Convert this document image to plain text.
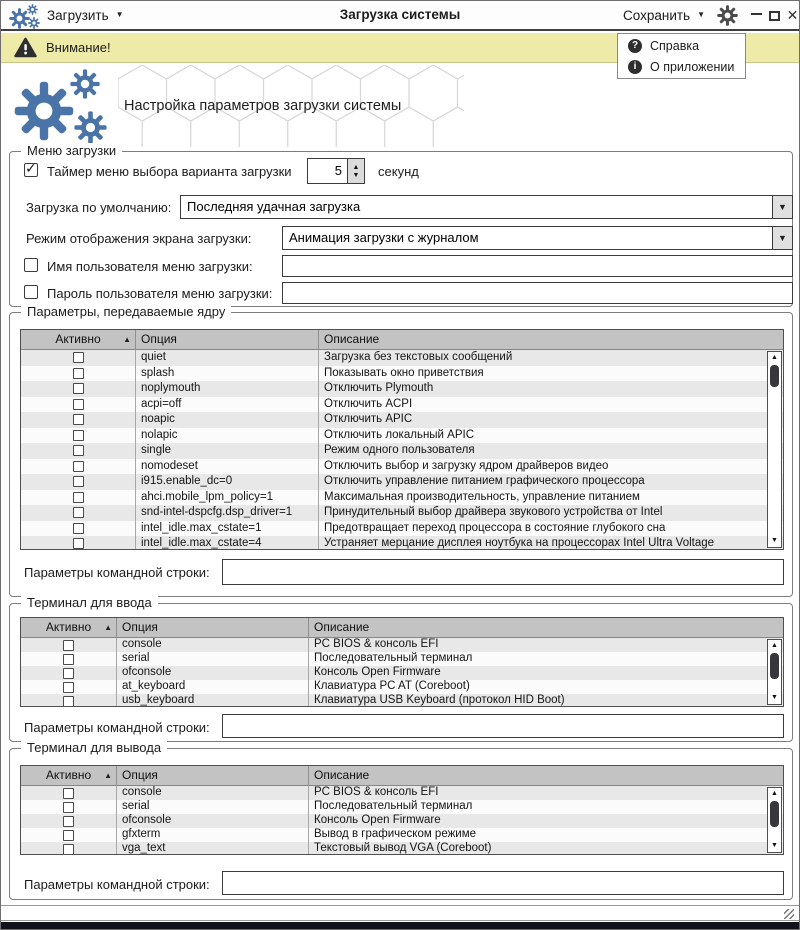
Загрузить ▼	Загрузка системы	Сохранить ▼	✕
Внимание!	? Справка
i	О приложении
Настройка параметров загрузки системы
Меню загрузки
✓ Таймер меню выбора варианта загрузки	5	▲
▼ секунд
Загрузка по умолчанию:	Последняя удачная загрузка	▼
Режим отображения экрана загрузки:	Анимация загрузки с журналом	▼
Имя пользователя меню загрузки:
Пароль пользователя меню загрузки:
Параметры, передаваемые ядру
Активно	▲ Опция	Описание
quiet	Загрузка без текстовых сообщений
splash	Показывать окно приветствия
noplymouth	Отключить Plymouth
acpi=off	Отключить ACPI
noapic	Отключить APIC
nolapic	Отключить локальный APIC
single	Режим одного пользователя
nomodeset	Отключить выбор и загрузку ядром драйверов видео
i915.enable_dc=0	Отключить управление питанием графического процессора
ahci.mobile_lpm_policy=1	Максимальная производительность, управление питанием
snd-intel-dspcfg.dsp_driver=1	Принудительный выбор драйвера звукового устройства от Intel
intel_idle.max_cstate=1	Предотвращает переход процессора в состояние глубокого сна
intel_idle.max_cstate=4	Устраняет мерцание дисплея ноутбука на процессорах Intel Ultra Voltage
▲
▼
Параметры командной строки:
Терминал для ввода
Активно ▲ Опция	Описание
console	PC BIOS & консоль EFI
serial	Последовательный терминал
ofconsole	Консоль Open Firmware
at_keyboard	Клавиатура PC AT (Coreboot)
usb_keyboard	Клавиатура USB Keyboard (протокол HID Boot)
▲
▼
Параметры командной строки:
Терминал для вывода
Активно ▲ Опция	Описание
console	PC BIOS & консоль EFI
serial	Последовательный терминал
ofconsole	Консоль Open Firmware
gfxterm	Вывод в графическом режиме
vga_text	Текстовый вывод VGA (Coreboot)
▲
▼
Параметры командной строки:
